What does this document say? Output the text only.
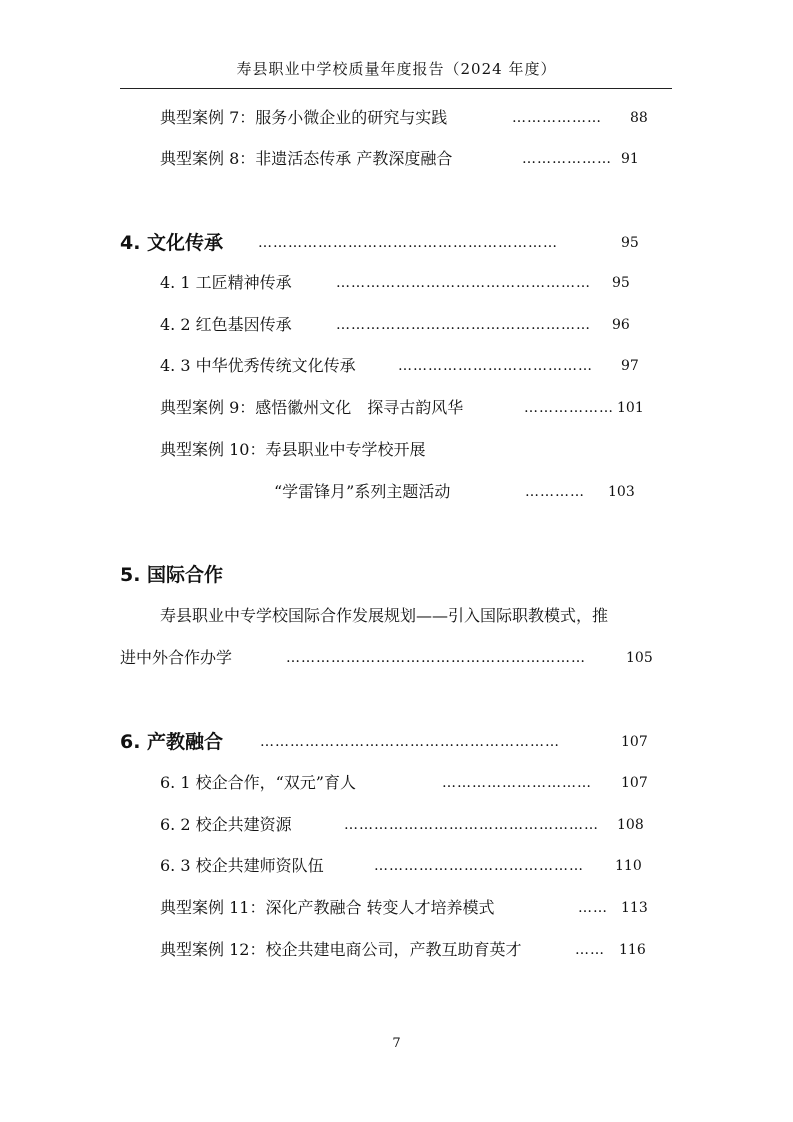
寿县职业中学校质量年度报告（2024 年度）
典型案例 7：服务小微企业的研究与实践	………………	88
典型案例 8：非遗活态传承 产教深度融合	……………… 91
4. 文化传承 ……………………………………………………	95
4. 1 工匠精神传承	……………………………………………	95
4. 2 红色基因传承	……………………………………………	96
4. 3 中华优秀传统文化传承	…………………………………	97
典型案例 9：感悟徽州文化　探寻古韵风华	……………… 101
典型案例 10：寿县职业中专学校开展
“学雷锋月”系列主题活动	…………	103
5. 国际合作
寿县职业中专学校国际合作发展规划——引入国际职教模式，推
进中外合作办学	……………………………………………………	105
6. 产教融合	……………………………………………………	107
6. 1 校企合作，“双元”育人	…………………………	107
6. 2 校企共建资源	……………………………………………	108
6. 3 校企共建师资队伍	……………………………………	110
典型案例 11：深化产教融合 转变人才培养模式	…… 113
典型案例 12：校企共建电商公司，产教互助育英才	……	116
7
